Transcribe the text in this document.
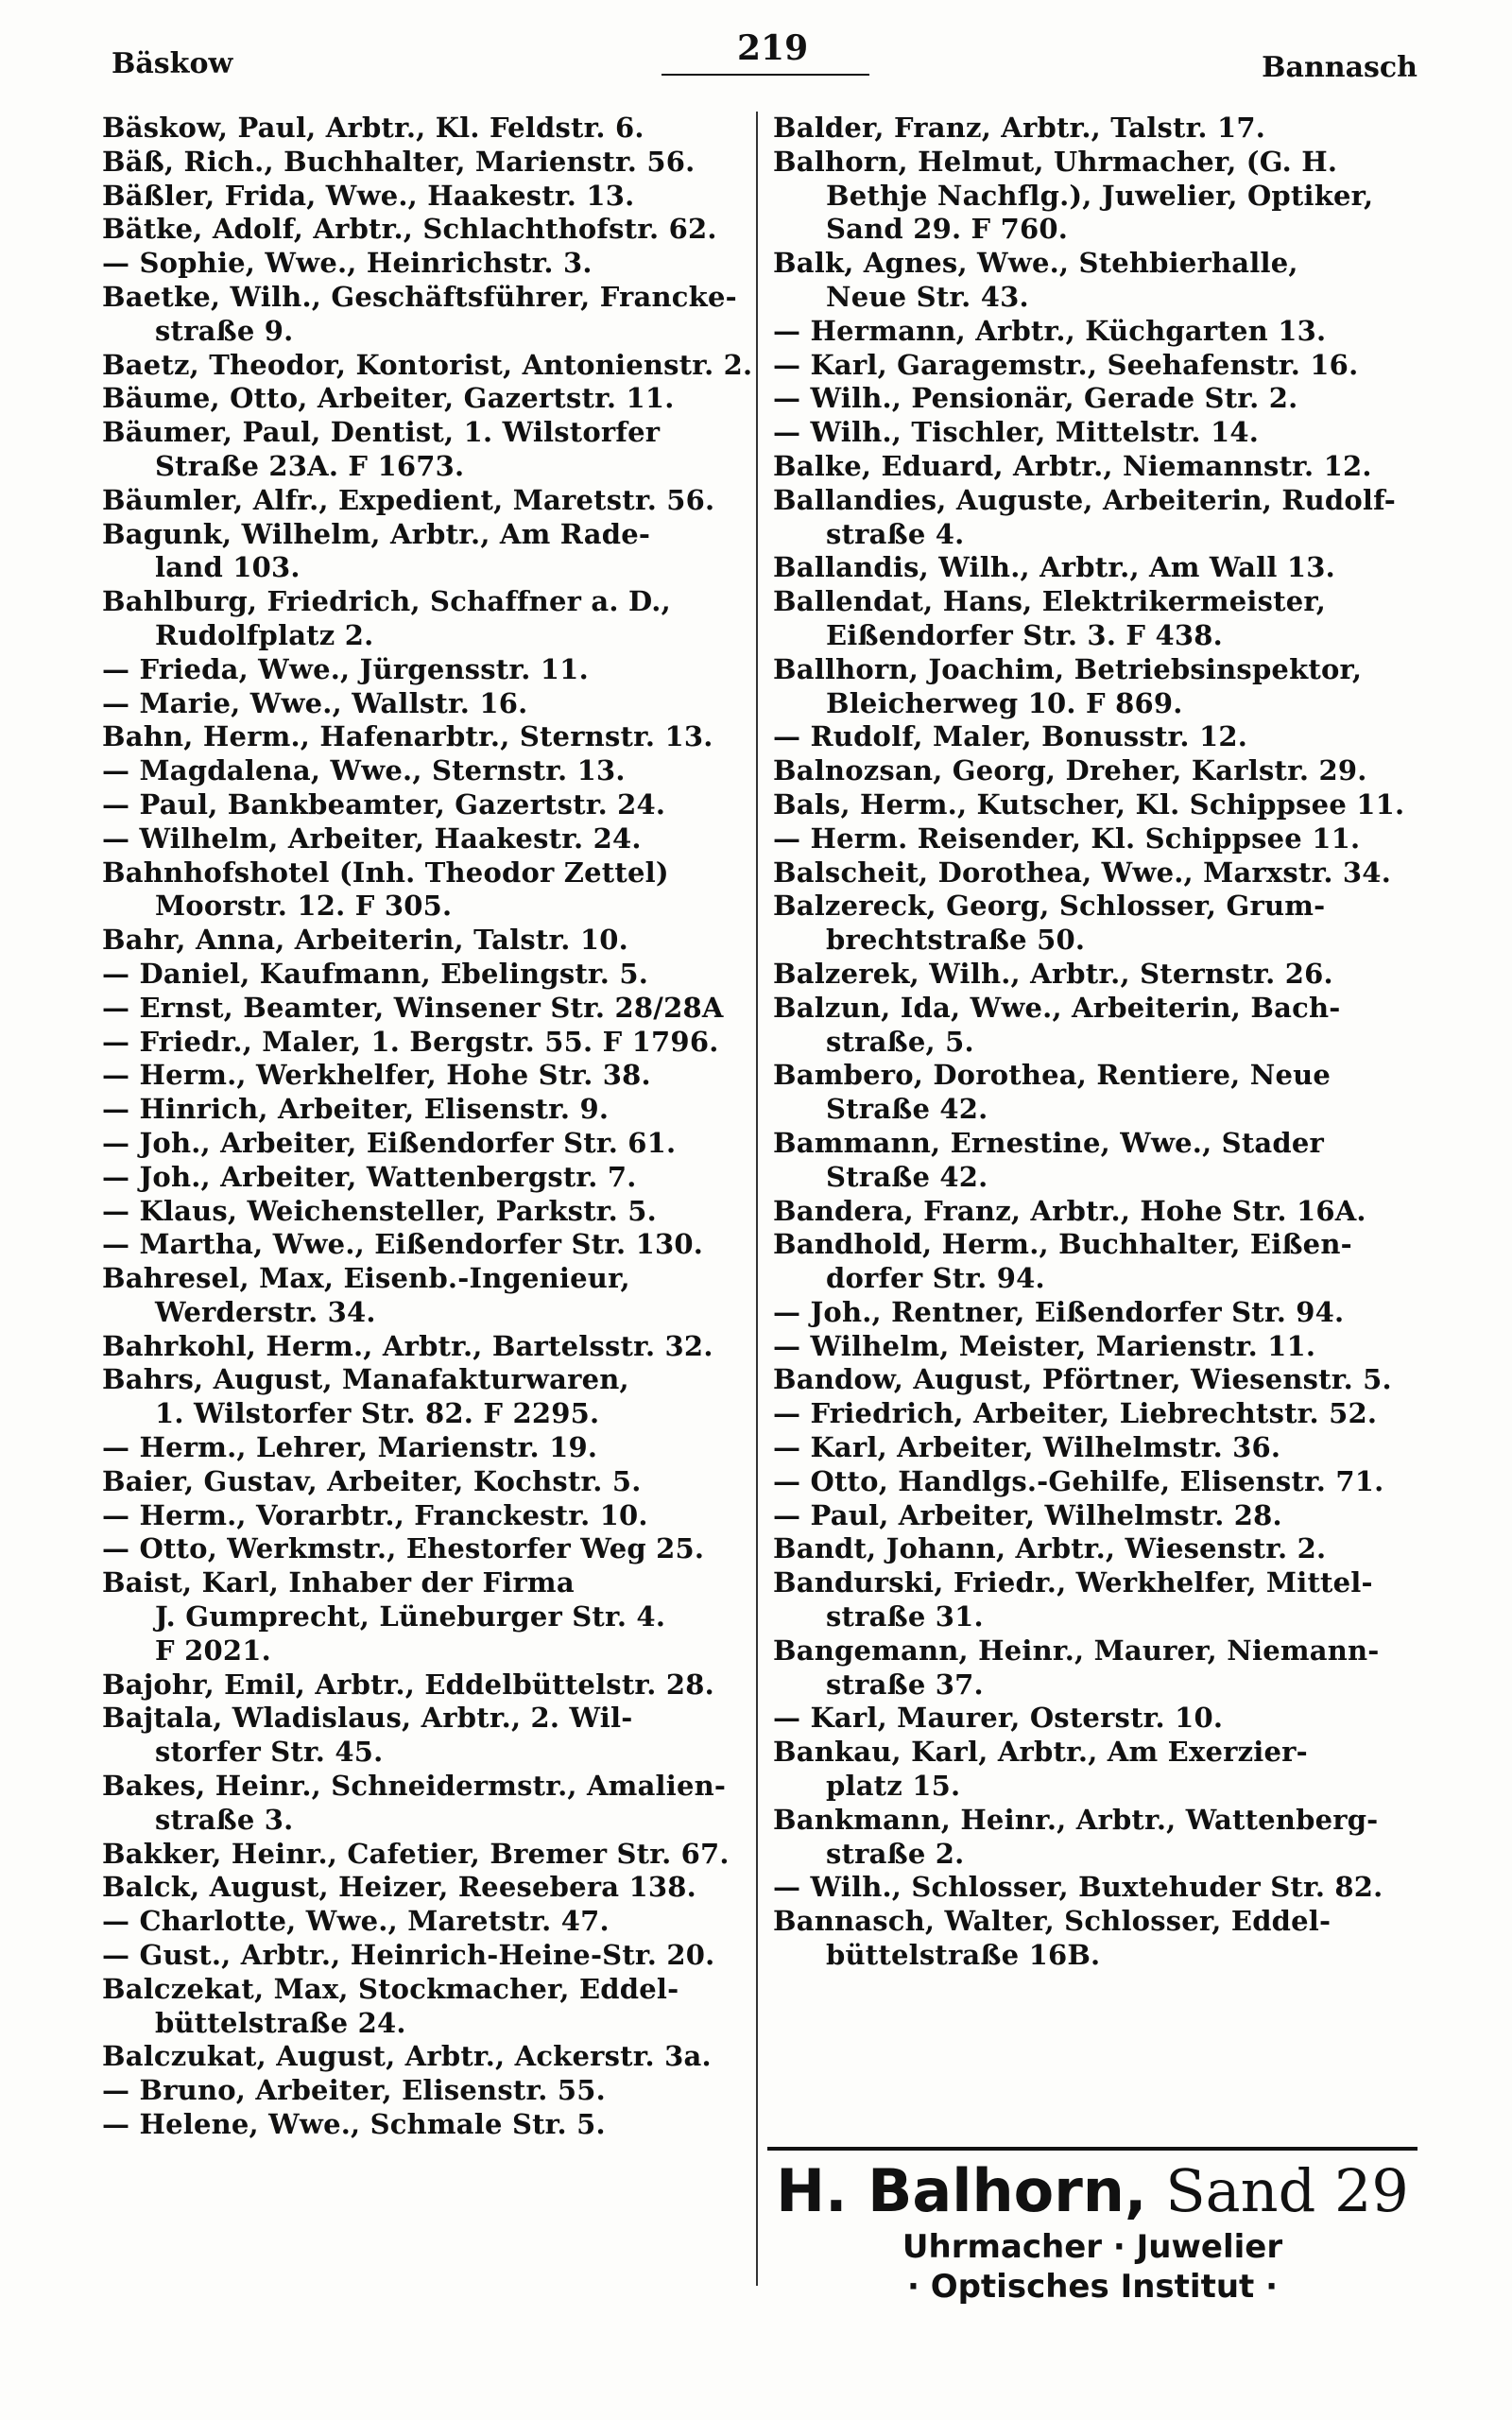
Bäskow	219	Bannasch
Bäskow, Paul, Arbtr., Kl. Feldstr. 6.
Bäß, Rich., Buchhalter, Marienstr. 56.
Bäßler, Frida, Wwe., Haakestr. 13.
Bätke, Adolf, Arbtr., Schlachthofstr. 62.
— Sophie, Wwe., Heinrichstr. 3.
Baetke, Wilh., Geschäftsführer, Francke-
straße 9.
Baetz, Theodor, Kontorist, Antonienstr. 2.
Bäume, Otto, Arbeiter, Gazertstr. 11.
Bäumer, Paul, Dentist, 1. Wilstorfer
Straße 23A. F 1673.
Bäumler, Alfr., Expedient, Maretstr. 56.
Bagunk, Wilhelm, Arbtr., Am Rade-
land 103.
Bahlburg, Friedrich, Schaffner a. D.,
Rudolfplatz 2.
— Frieda, Wwe., Jürgensstr. 11.
— Marie, Wwe., Wallstr. 16.
Bahn, Herm., Hafenarbtr., Sternstr. 13.
— Magdalena, Wwe., Sternstr. 13.
— Paul, Bankbeamter, Gazertstr. 24.
— Wilhelm, Arbeiter, Haakestr. 24.
Bahnhofshotel (Inh. Theodor Zettel)
Moorstr. 12. F 305.
Bahr, Anna, Arbeiterin, Talstr. 10.
— Daniel, Kaufmann, Ebelingstr. 5.
— Ernst, Beamter, Winsener Str. 28/28A
— Friedr., Maler, 1. Bergstr. 55. F 1796.
— Herm., Werkhelfer, Hohe Str. 38.
— Hinrich, Arbeiter, Elisenstr. 9.
— Joh., Arbeiter, Eißendorfer Str. 61.
— Joh., Arbeiter, Wattenbergstr. 7.
— Klaus, Weichensteller, Parkstr. 5.
— Martha, Wwe., Eißendorfer Str. 130.
Bahresel, Max, Eisenb.-Ingenieur,
Werderstr. 34.
Bahrkohl, Herm., Arbtr., Bartelsstr. 32.
Bahrs, August, Manafakturwaren,
1. Wilstorfer Str. 82. F 2295.
— Herm., Lehrer, Marienstr. 19.
Baier, Gustav, Arbeiter, Kochstr. 5.
— Herm., Vorarbtr., Franckestr. 10.
— Otto, Werkmstr., Ehestorfer Weg 25.
Baist, Karl, Inhaber der Firma
J. Gumprecht, Lüneburger Str. 4.
F 2021.
Bajohr, Emil, Arbtr., Eddelbüttelstr. 28.
Bajtala, Wladislaus, Arbtr., 2. Wil-
storfer Str. 45.
Bakes, Heinr., Schneidermstr., Amalien-
straße 3.
Bakker, Heinr., Cafetier, Bremer Str. 67.
Balck, August, Heizer, Reesebera 138.
— Charlotte, Wwe., Maretstr. 47.
— Gust., Arbtr., Heinrich-Heine-Str. 20.
Balczekat, Max, Stockmacher, Eddel-
büttelstraße 24.
Balczukat, August, Arbtr., Ackerstr. 3a.
— Bruno, Arbeiter, Elisenstr. 55.
— Helene, Wwe., Schmale Str. 5.
Balder, Franz, Arbtr., Talstr. 17.
Balhorn, Helmut, Uhrmacher, (G. H.
Bethje Nachflg.), Juwelier, Optiker,
Sand 29. F 760.
Balk, Agnes, Wwe., Stehbierhalle,
Neue Str. 43.
— Hermann, Arbtr., Küchgarten 13.
— Karl, Garagemstr., Seehafenstr. 16.
— Wilh., Pensionär, Gerade Str. 2.
— Wilh., Tischler, Mittelstr. 14.
Balke, Eduard, Arbtr., Niemannstr. 12.
Ballandies, Auguste, Arbeiterin, Rudolf-
straße 4.
Ballandis, Wilh., Arbtr., Am Wall 13.
Ballendat, Hans, Elektrikermeister,
Eißendorfer Str. 3. F 438.
Ballhorn, Joachim, Betriebsinspektor,
Bleicherweg 10. F 869.
— Rudolf, Maler, Bonusstr. 12.
Balnozsan, Georg, Dreher, Karlstr. 29.
Bals, Herm., Kutscher, Kl. Schippsee 11.
— Herm. Reisender, Kl. Schippsee 11.
Balscheit, Dorothea, Wwe., Marxstr. 34.
Balzereck, Georg, Schlosser, Grum-
brechtstraße 50.
Balzerek, Wilh., Arbtr., Sternstr. 26.
Balzun, Ida, Wwe., Arbeiterin, Bach-
straße, 5.
Bambero, Dorothea, Rentiere, Neue
Straße 42.
Bammann, Ernestine, Wwe., Stader
Straße 42.
Bandera, Franz, Arbtr., Hohe Str. 16A.
Bandhold, Herm., Buchhalter, Eißen-
dorfer Str. 94.
— Joh., Rentner, Eißendorfer Str. 94.
— Wilhelm, Meister, Marienstr. 11.
Bandow, August, Pförtner, Wiesenstr. 5.
— Friedrich, Arbeiter, Liebrechtstr. 52.
— Karl, Arbeiter, Wilhelmstr. 36.
— Otto, Handlgs.-Gehilfe, Elisenstr. 71.
— Paul, Arbeiter, Wilhelmstr. 28.
Bandt, Johann, Arbtr., Wiesenstr. 2.
Bandurski, Friedr., Werkhelfer, Mittel-
straße 31.
Bangemann, Heinr., Maurer, Niemann-
straße 37.
— Karl, Maurer, Osterstr. 10.
Bankau, Karl, Arbtr., Am Exerzier-
platz 15.
Bankmann, Heinr., Arbtr., Wattenberg-
straße 2.
— Wilh., Schlosser, Buxtehuder Str. 82.
Bannasch, Walter, Schlosser, Eddel-
büttelstraße 16B.
H. Balhorn, Sand 29
Uhrmacher · Juwelier
· Optisches Institut ·
